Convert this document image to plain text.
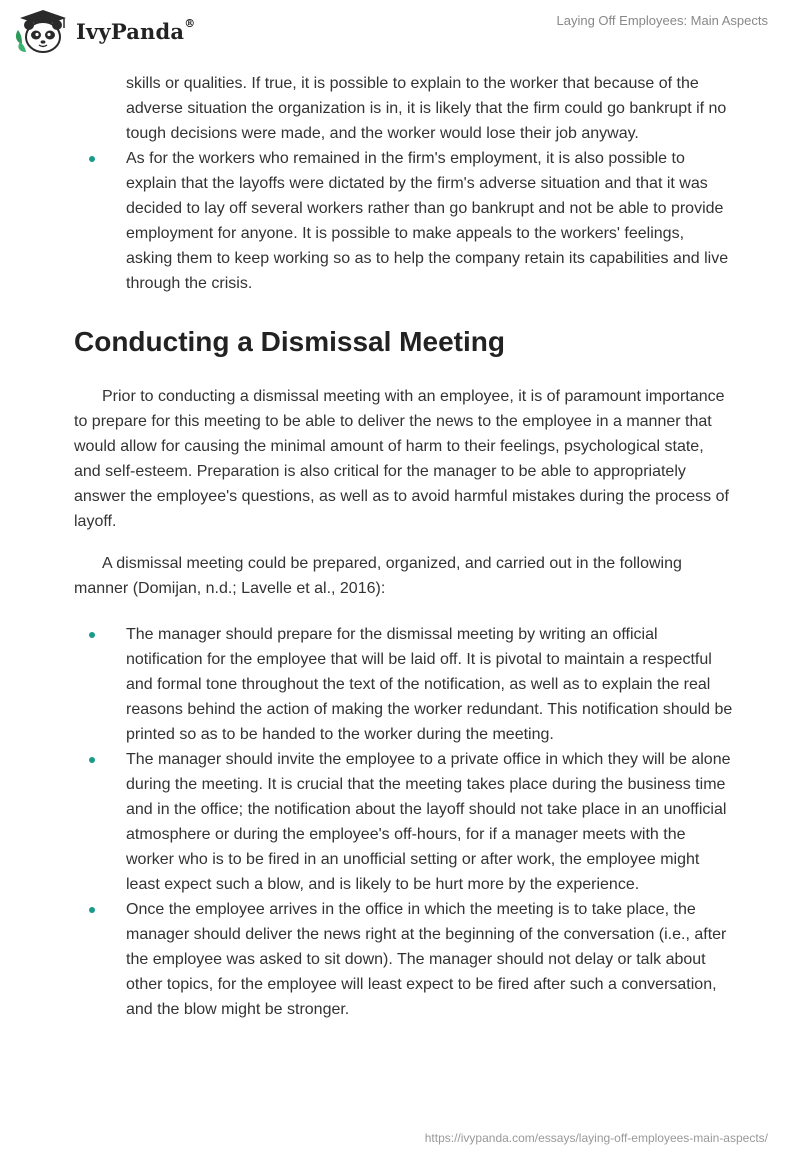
IvyPanda®	Laying Off Employees: Main Aspects
skills or qualities. If true, it is possible to explain to the worker that because of the adverse situation the organization is in, it is likely that the firm could go bankrupt if no tough decisions were made, and the worker would lose their job anyway.
As for the workers who remained in the firm's employment, it is also possible to explain that the layoffs were dictated by the firm's adverse situation and that it was decided to lay off several workers rather than go bankrupt and not be able to provide employment for anyone. It is possible to make appeals to the workers' feelings, asking them to keep working so as to help the company retain its capabilities and live through the crisis.
Conducting a Dismissal Meeting

Prior to conducting a dismissal meeting with an employee, it is of paramount importance to prepare for this meeting to be able to deliver the news to the employee in a manner that would allow for causing the minimal amount of harm to their feelings, psychological state, and self-esteem. Preparation is also critical for the manager to be able to appropriately answer the employee's questions, as well as to avoid harmful mistakes during the process of layoff.

A dismissal meeting could be prepared, organized, and carried out in the following manner (Domijan, n.d.; Lavelle et al., 2016):

The manager should prepare for the dismissal meeting by writing an official notification for the employee that will be laid off. It is pivotal to maintain a respectful and formal tone throughout the text of the notification, as well as to explain the real reasons behind the action of making the worker redundant. This notification should be printed so as to be handed to the worker during the meeting.
The manager should invite the employee to a private office in which they will be alone during the meeting. It is crucial that the meeting takes place during the business time and in the office; the notification about the layoff should not take place in an unofficial atmosphere or during the employee's off-hours, for if a manager meets with the worker who is to be fired in an unofficial setting or after work, the employee might least expect such a blow, and is likely to be hurt more by the experience.
Once the employee arrives in the office in which the meeting is to take place, the manager should deliver the news right at the beginning of the conversation (i.e., after the employee was asked to sit down). The manager should not delay or talk about other topics, for the employee will least expect to be fired after such a conversation, and the blow might be stronger.
https://ivypanda.com/essays/laying-off-employees-main-aspects/
